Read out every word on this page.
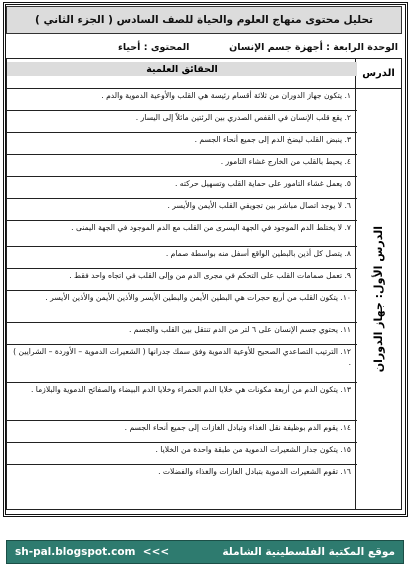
تحليل محتوى منهاج العلوم والحياة للصف السادس ( الجزء الثاني )
الوحدة الرابعة : أجهزة جسم الإنسان
المحتوى : أحياء
الدرس
الحقائق العلمية
الدرس الأول: جهاز الدوران
١. يتكون جهاز الدوران من ثلاثة أقسام رئيسة هي القلب والأوعية الدموية والدم .
٢. يقع قلب الإنسان في القفص الصدري بين الرئتين مائلاً إلى اليسار .
٣. ينبض القلب ليضخ الدم إلى جميع أنحاء الجسم .
٤. يحيط بالقلب من الخارج غشاء التامور .
٥. يعمل غشاء التامور على حماية القلب وتسهيل حركته .
٦. لا يوجد اتصال مباشر بين تجويفي القلب الأيمن والأيسر .
٧. لا يختلط الدم الموجود في الجهة اليسرى من القلب مع الدم الموجود في الجهة اليمنى .
٨. يتصل كل أذين بالبطين الواقع أسفل منه بواسطة صمام .
٩. تعمل صمامات القلب على التحكم في مجرى الدم من وإلى القلب في اتجاه واحد فقط .
١٠. يتكون القلب من أربع حجرات هي البطين الأيمن والبطين الأيسر والأذين الأيمن والأذين الأيسر .
١١. يحتوي جسم الإنسان على ٦ لتر من الدم تنتقل بين القلب والجسم .
١٢. الترتيب التصاعدي الصحيح للأوعية الدموية وفق سمك جدرانها ( الشعيرات الدموية – الأوردة – الشرايين ) .
١٣. يتكون الدم من أربعة مكونات هي خلايا الدم الحمراء وخلايا الدم البيضاء والصفائح الدموية والبلازما .
١٤. يقوم الدم بوظيفة نقل الغذاء وتبادل الغازات إلى جميع أنحاء الجسم .
١٥. يتكون جدار الشعيرات الدموية من طبقة واحدة من الخلايا .
١٦. تقوم الشعيرات الدموية بتبادل الغازات والغذاء والفضلات .
sh-pal.blogspot.com <<<	موقع المكتبة الفلسطينية الشاملة
